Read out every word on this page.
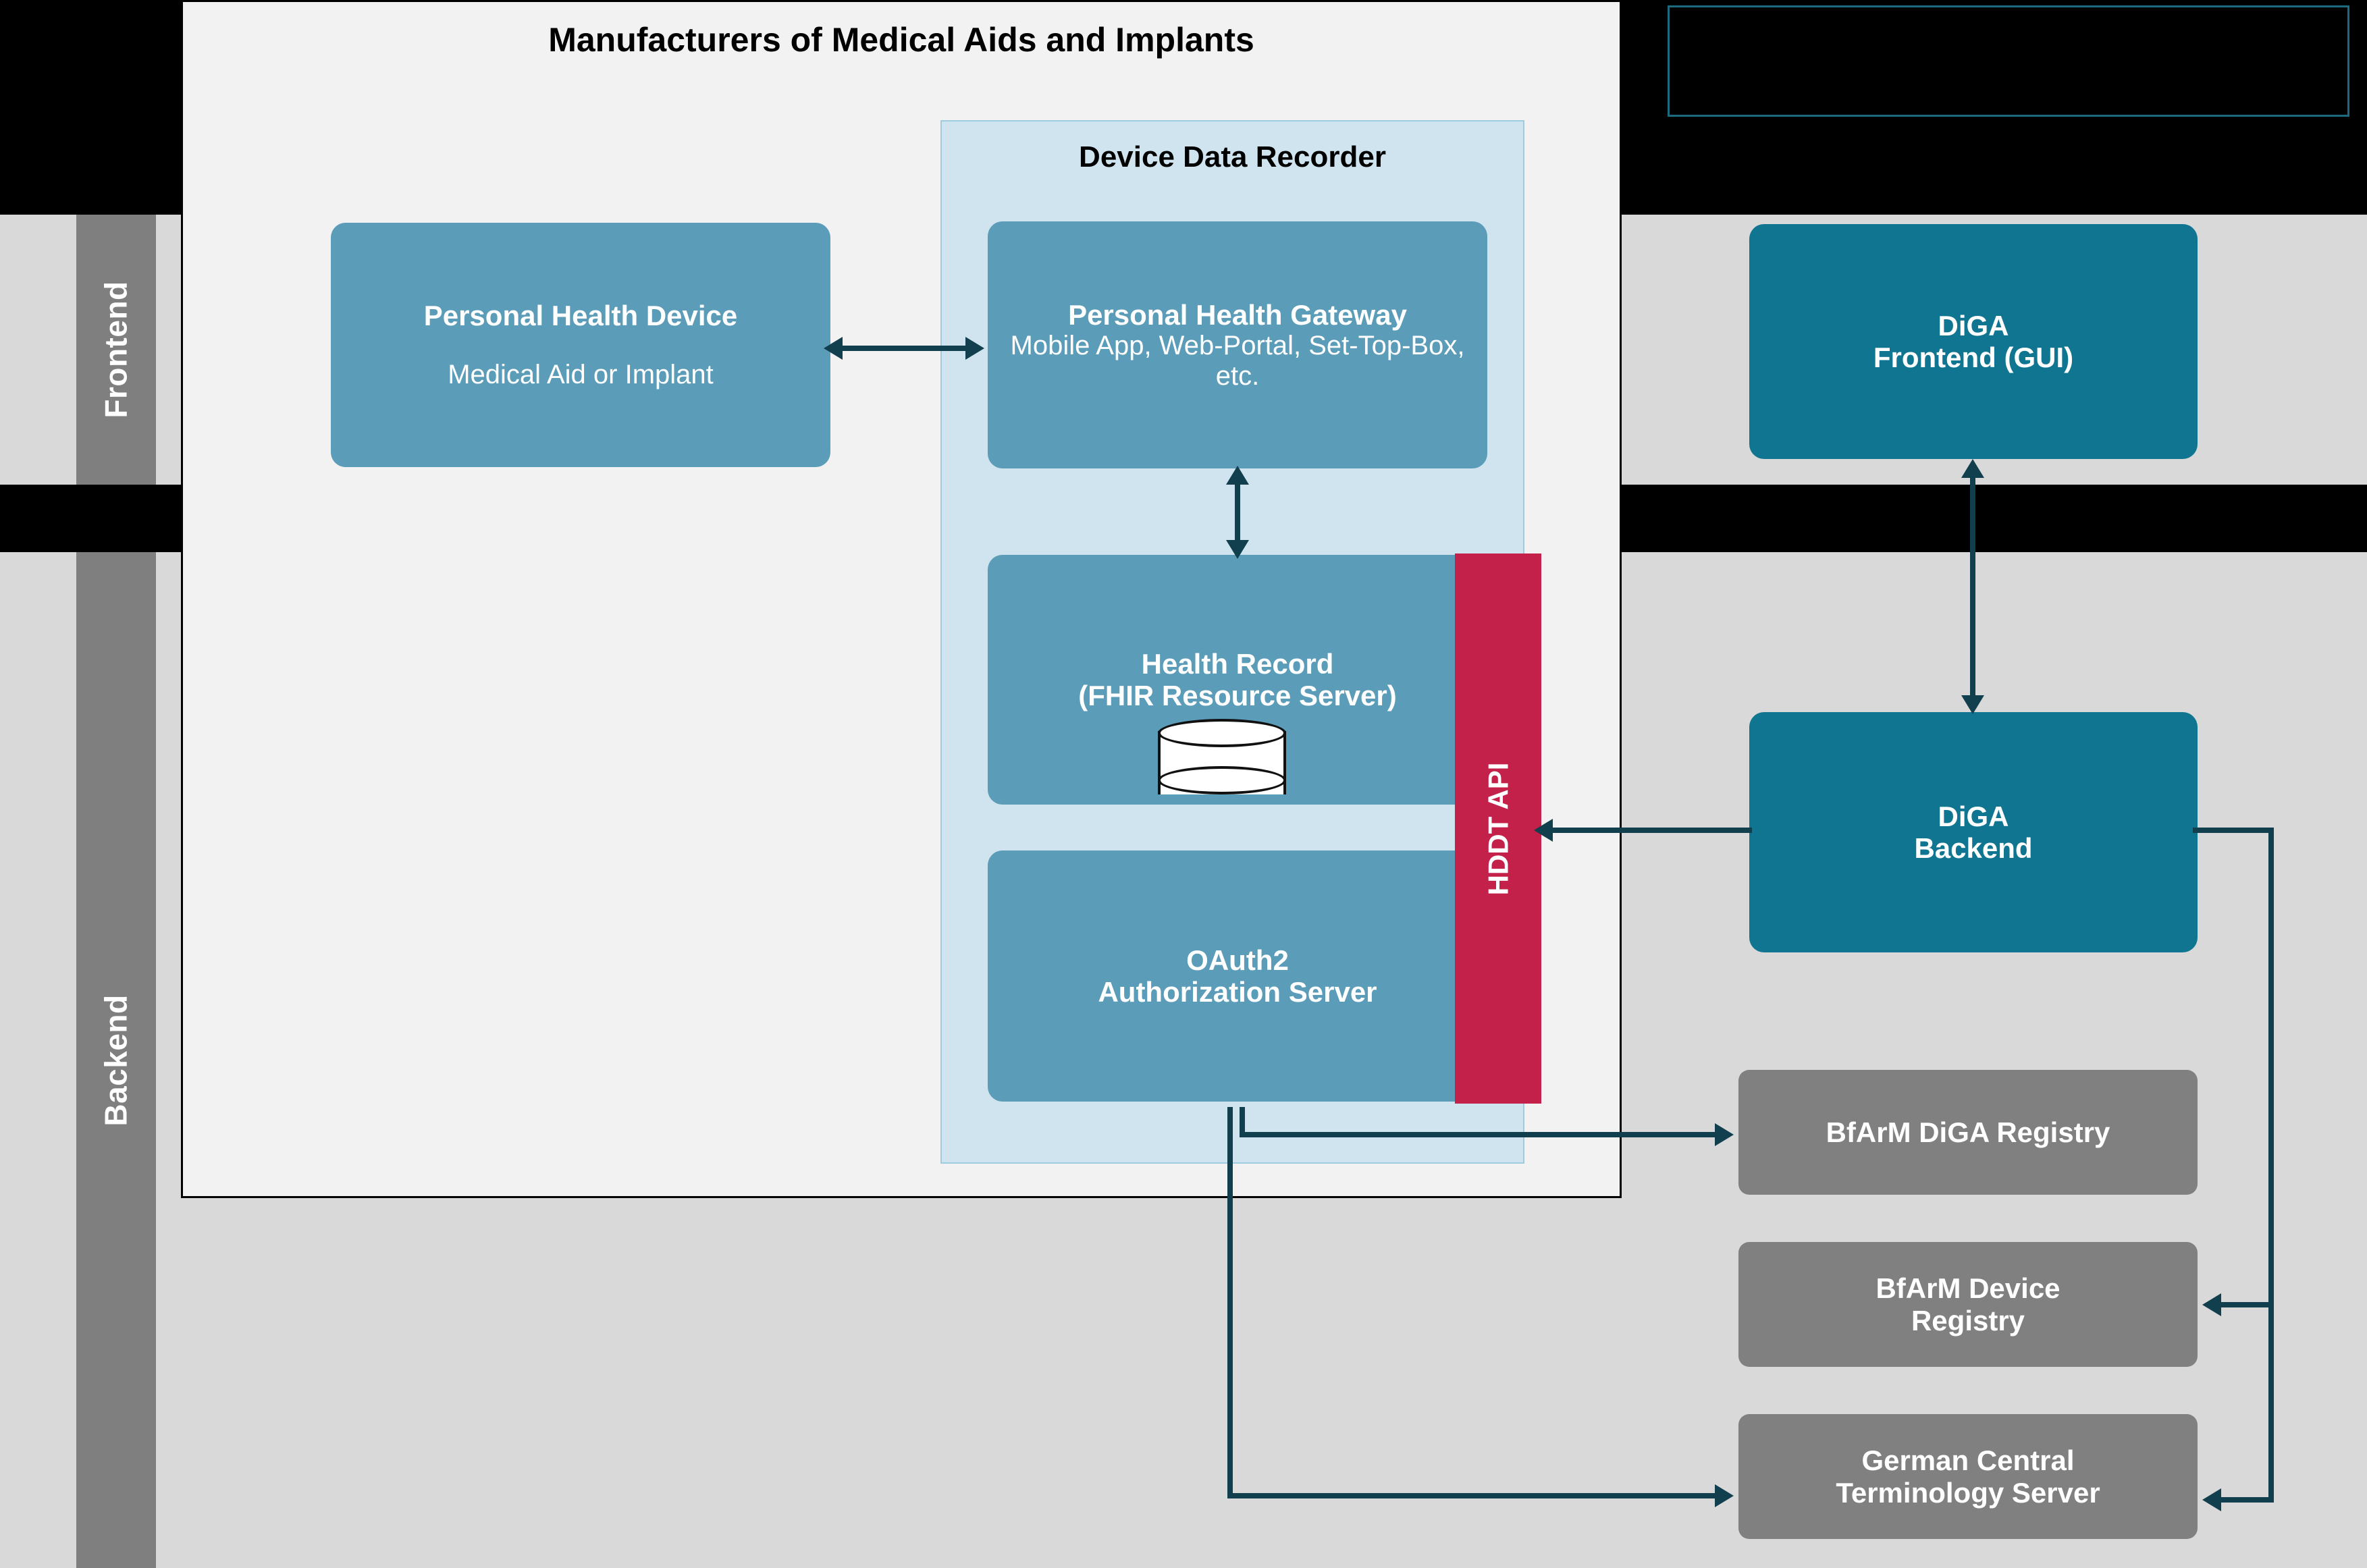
Manufacturers of Medical Aids and Implants
Device Data Recorder
Frontend
Backend
Personal Health Device
Medical Aid or Implant
Personal Health Gateway
Mobile App, Web-Portal, Set-Top-Box, etc.
Health Record
(FHIR Resource Server)
OAuth2
Authorization Server
HDDT API
DiGA
Frontend (GUI)
DiGA
Backend
BfArM DiGA Registry
BfArM Device
Registry
German Central
Terminology Server
